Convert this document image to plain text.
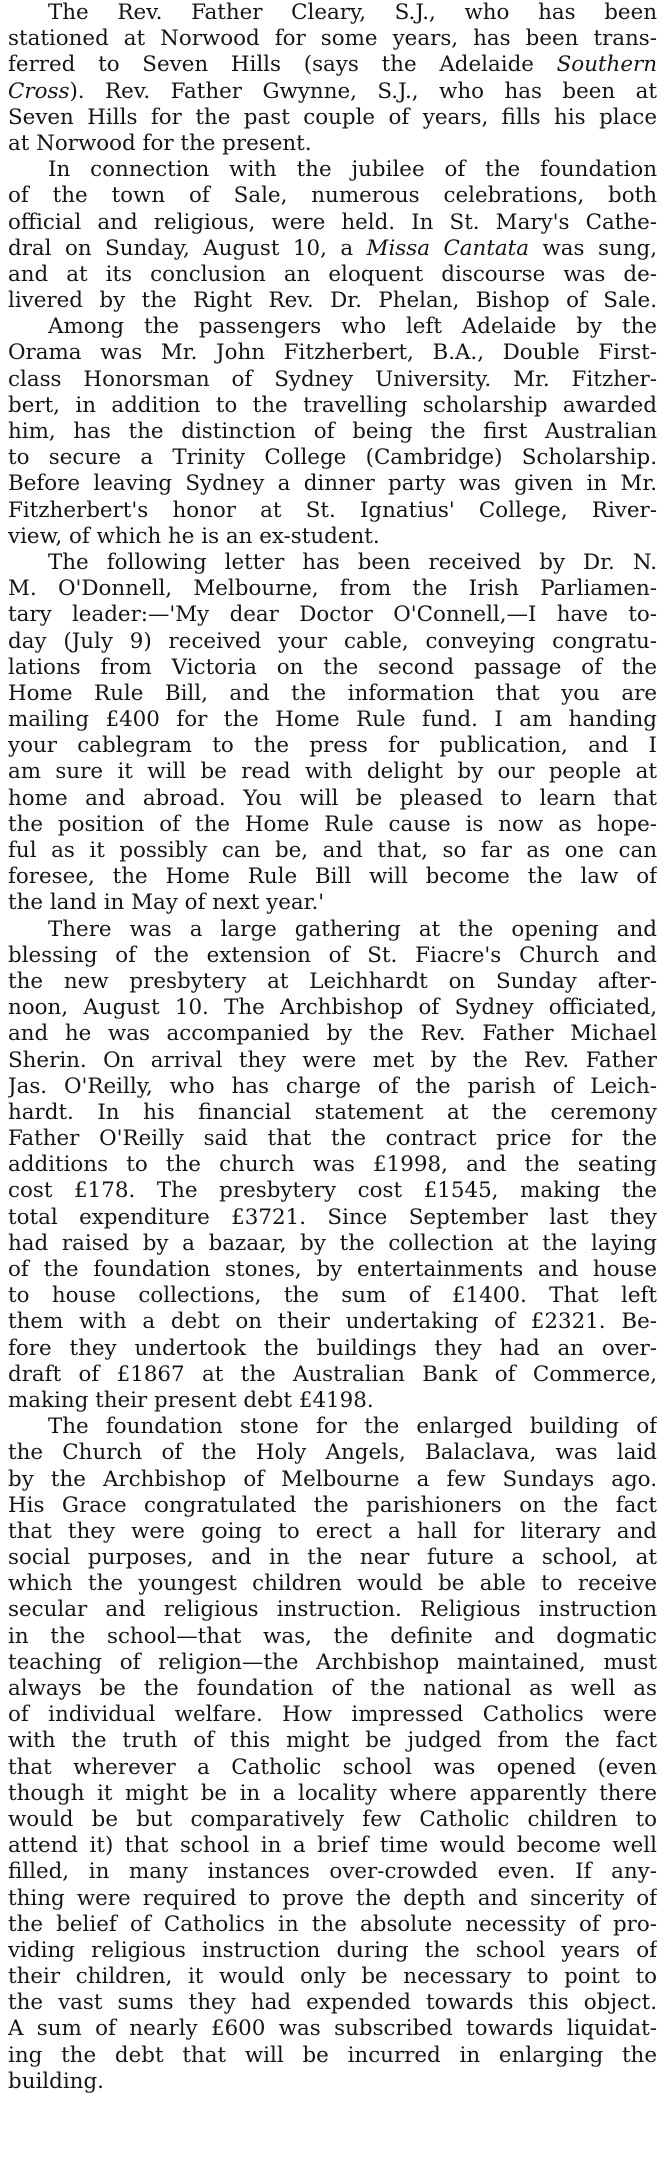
The Rev. Father Cleary, S.J., who has been
stationed at Norwood for some years, has been trans-
ferred to Seven Hills (says the Adelaide Southern
Cross). Rev. Father Gwynne, S.J., who has been at
Seven Hills for the past couple of years, fills his place
at Norwood for the present.
In connection with the jubilee of the foundation
of the town of Sale, numerous celebrations, both
official and religious, were held. In St. Mary's Cathe-
dral on Sunday, August 10, a Missa Cantata was sung,
and at its conclusion an eloquent discourse was de-
livered by the Right Rev. Dr. Phelan, Bishop of Sale.
Among the passengers who left Adelaide by the
Orama was Mr. John Fitzherbert, B.A., Double First-
class Honorsman of Sydney University. Mr. Fitzher-
bert, in addition to the travelling scholarship awarded
him, has the distinction of being the first Australian
to secure a Trinity College (Cambridge) Scholarship.
Before leaving Sydney a dinner party was given in Mr.
Fitzherbert's honor at St. Ignatius' College, River-
view, of which he is an ex-student.
The following letter has been received by Dr. N.
M. O'Donnell, Melbourne, from the Irish Parliamen-
tary leader:—'My dear Doctor O'Connell,—I have to-
day (July 9) received your cable, conveying congratu-
lations from Victoria on the second passage of the
Home Rule Bill, and the information that you are
mailing £400 for the Home Rule fund. I am handing
your cablegram to the press for publication, and I
am sure it will be read with delight by our people at
home and abroad. You will be pleased to learn that
the position of the Home Rule cause is now as hope-
ful as it possibly can be, and that, so far as one can
foresee, the Home Rule Bill will become the law of
the land in May of next year.'
There was a large gathering at the opening and
blessing of the extension of St. Fiacre's Church and
the new presbytery at Leichhardt on Sunday after-
noon, August 10. The Archbishop of Sydney officiated,
and he was accompanied by the Rev. Father Michael
Sherin. On arrival they were met by the Rev. Father
Jas. O'Reilly, who has charge of the parish of Leich-
hardt. In his financial statement at the ceremony
Father O'Reilly said that the contract price for the
additions to the church was £1998, and the seating
cost £178. The presbytery cost £1545, making the
total expenditure £3721. Since September last they
had raised by a bazaar, by the collection at the laying
of the foundation stones, by entertainments and house
to house collections, the sum of £1400. That left
them with a debt on their undertaking of £2321. Be-
fore they undertook the buildings they had an over-
draft of £1867 at the Australian Bank of Commerce,
making their present debt £4198.
The foundation stone for the enlarged building of
the Church of the Holy Angels, Balaclava, was laid
by the Archbishop of Melbourne a few Sundays ago.
His Grace congratulated the parishioners on the fact
that they were going to erect a hall for literary and
social purposes, and in the near future a school, at
which the youngest children would be able to receive
secular and religious instruction. Religious instruction
in the school—that was, the definite and dogmatic
teaching of religion—the Archbishop maintained, must
always be the foundation of the national as well as
of individual welfare. How impressed Catholics were
with the truth of this might be judged from the fact
that wherever a Catholic school was opened (even
though it might be in a locality where apparently there
would be but comparatively few Catholic children to
attend it) that school in a brief time would become well
filled, in many instances over-crowded even. If any-
thing were required to prove the depth and sincerity of
the belief of Catholics in the absolute necessity of pro-
viding religious instruction during the school years of
their children, it would only be necessary to point to
the vast sums they had expended towards this object.
A sum of nearly £600 was subscribed towards liquidat-
ing the debt that will be incurred in enlarging the
building.
